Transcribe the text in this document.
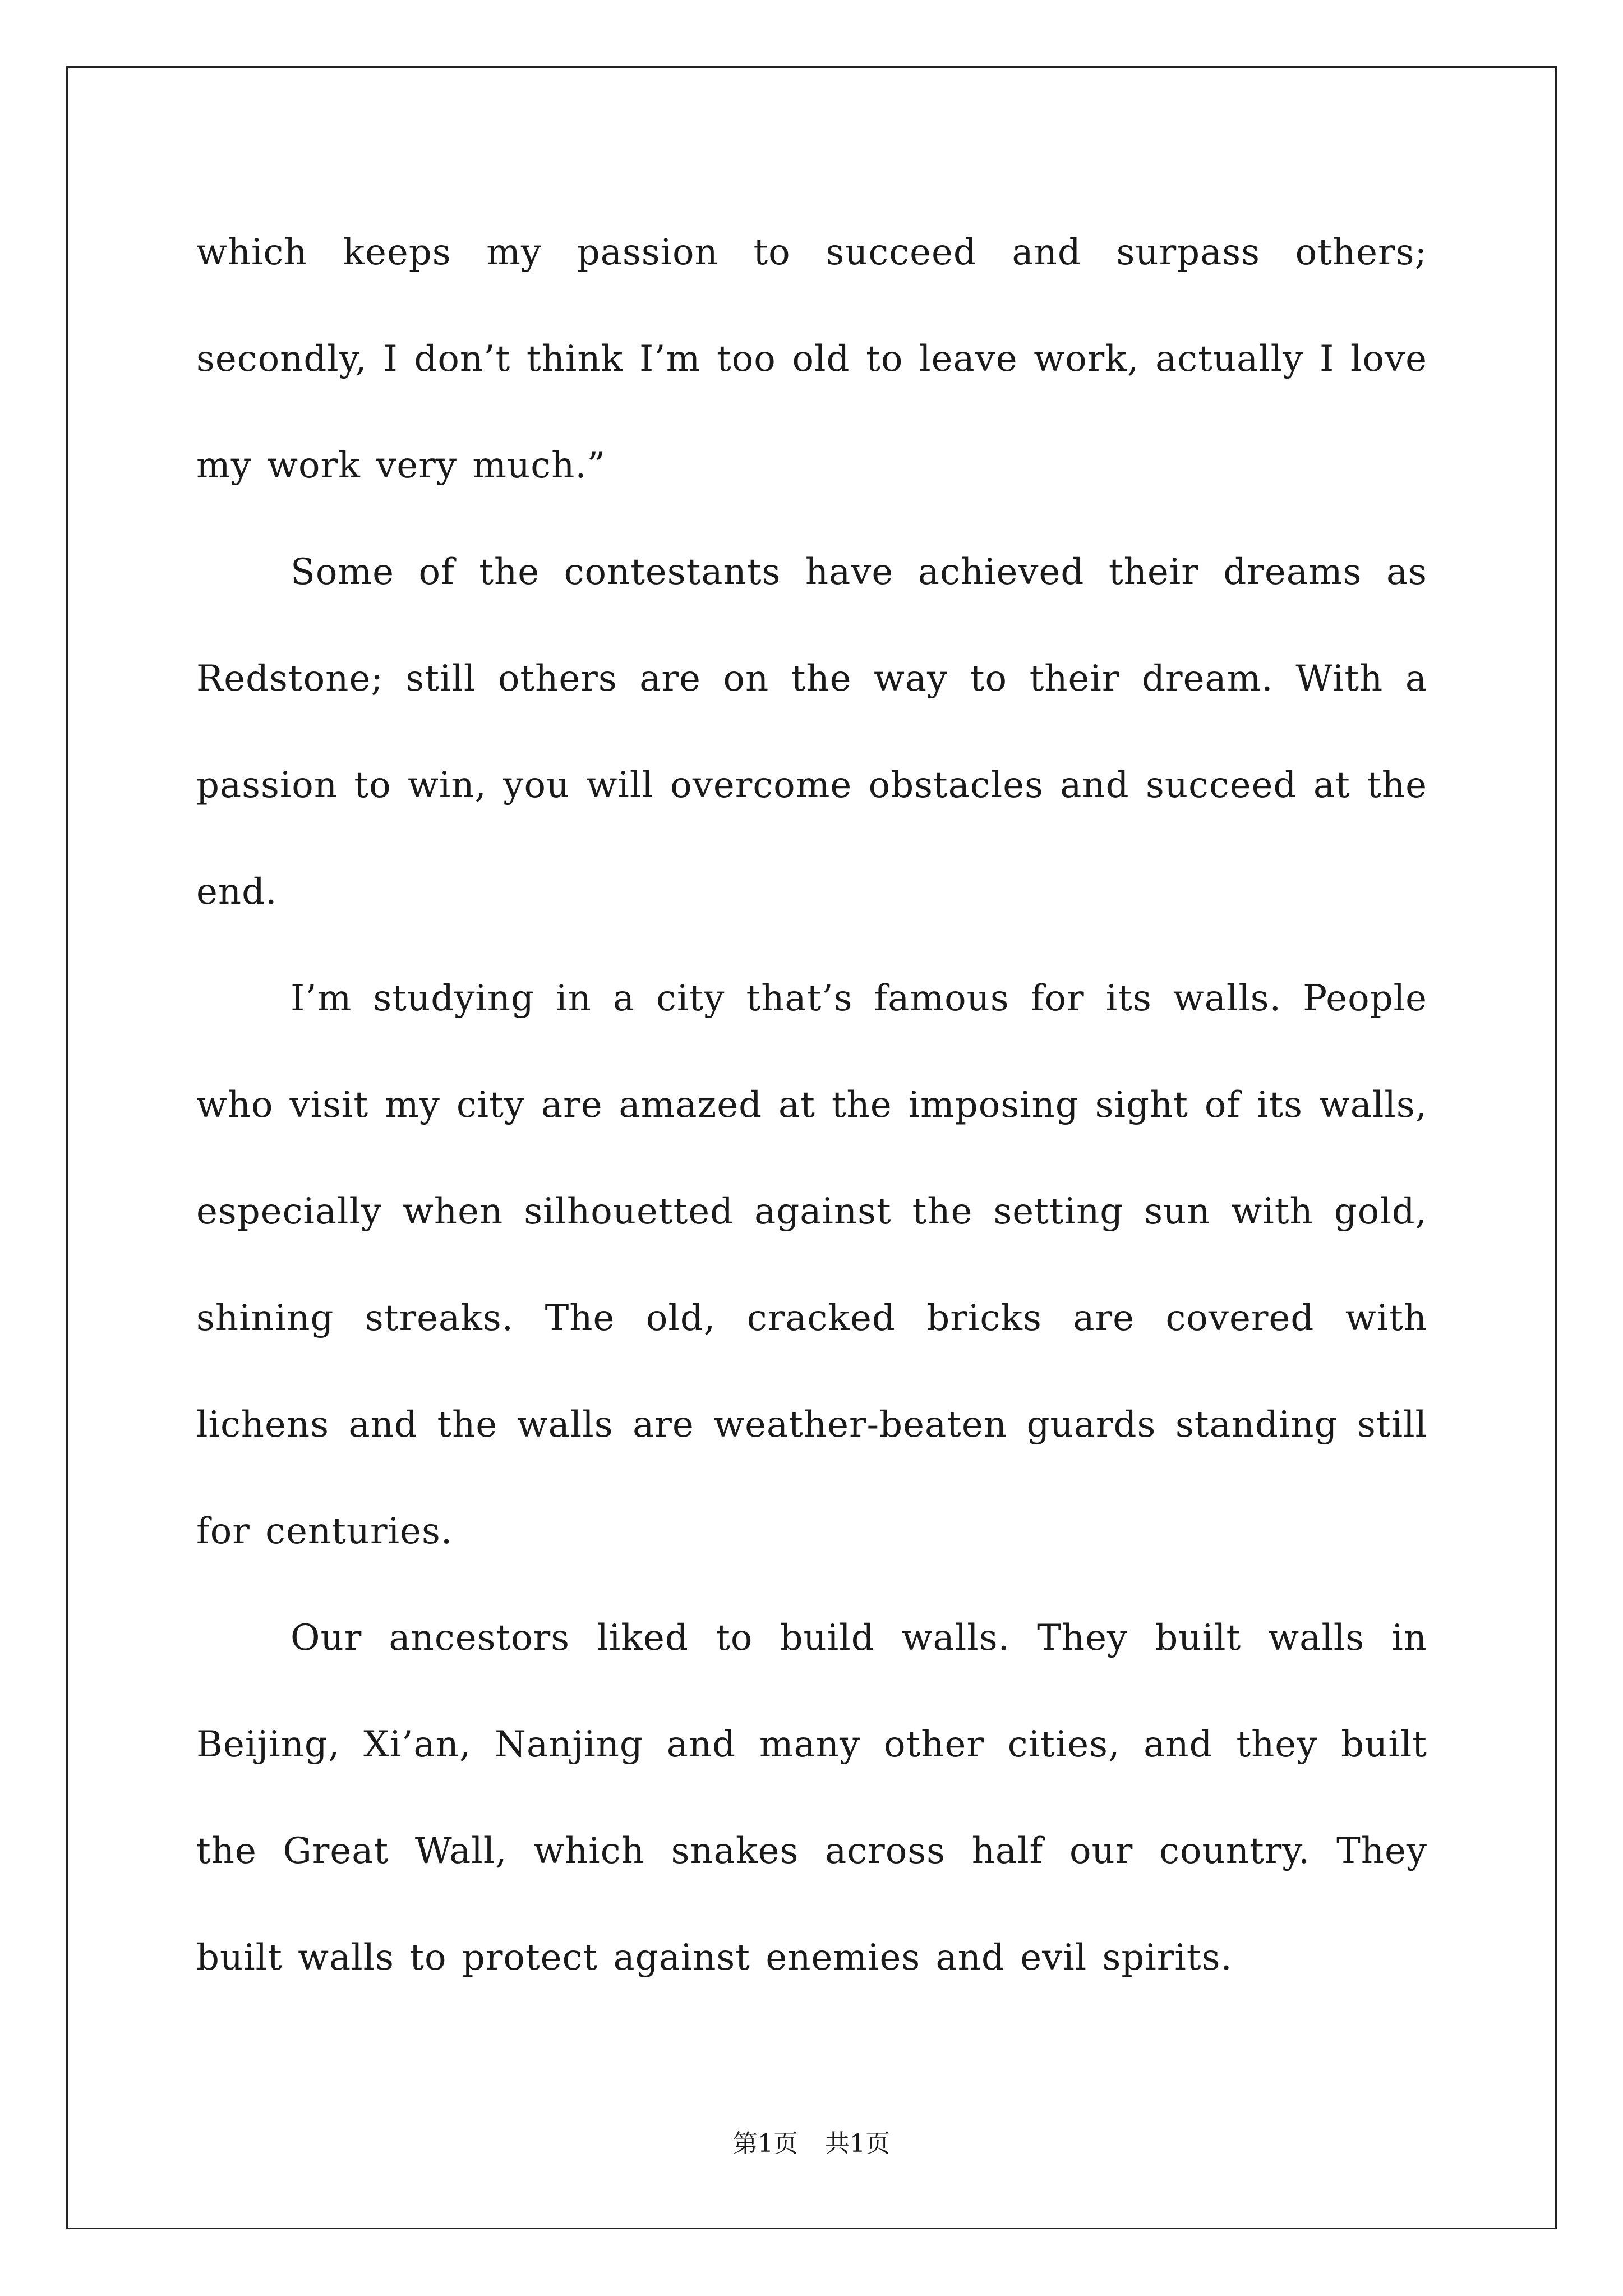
which keeps my passion to succeed and surpass others; secondly, I don’t think I’m too old to leave work, actually I love my work very much.”

Some of the contestants have achieved their dreams as Redstone; still others are on the way to their dream. With a passion to win, you will overcome obstacles and succeed at the end.

I’m studying in a city that’s famous for its walls. People who visit my city are amazed at the imposing sight of its walls, especially when silhouetted against the setting sun with gold, shining streaks. The old, cracked bricks are covered with lichens and the walls are weather-beaten guards standing still for centuries.

Our ancestors liked to build walls. They built walls in Beijing, Xi’an, Nanjing and many other cities, and they built the Great Wall, which snakes across half our country. They built walls to protect against enemies and evil spirits.

第1页 共1页
